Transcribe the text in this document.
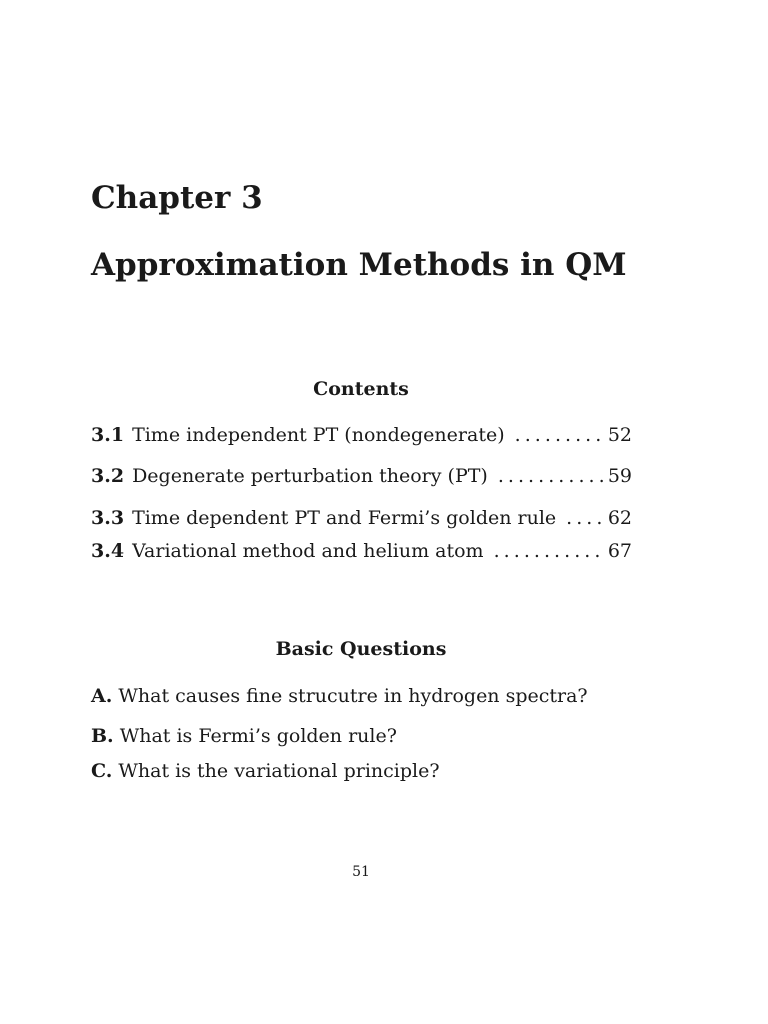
Chapter 3
Approximation Methods in QM
Contents
3.1 Time independent PT (nondegenerate) . . .	52
3.2 Degenerate perturbation theory (PT) . . .	59
3.3 Time dependent PT and Fermi’s golden rule . . .	62
3.4 Variational method and helium atom . . .	67
Basic Questions
A. What causes fine strucutre in hydrogen spectra?
B. What is Fermi’s golden rule?
C. What is the variational principle?
51
